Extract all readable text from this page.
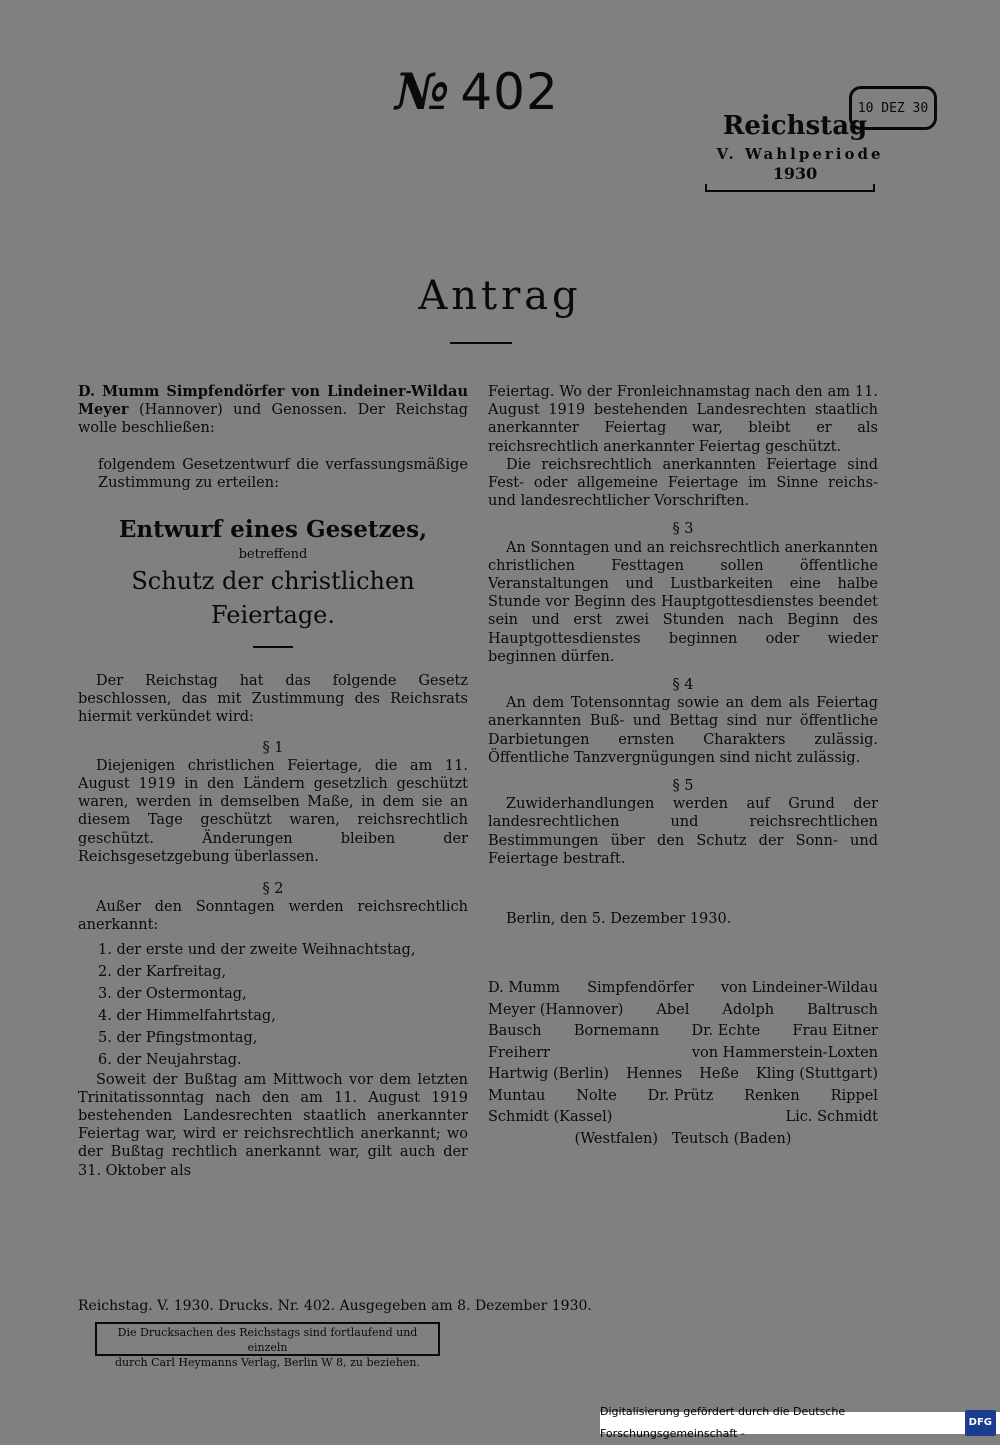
№ 402	10 DEZ 30
Reichstag
V. Wahlperiode
1930
Antrag

D. Mumm Simpfendörfer von Lindeiner-Wildau Meyer (Hannover) und Genossen. Der Reichstag wolle beschließen:

folgendem Gesetzentwurf die verfassungsmäßige Zustimmung zu erteilen:

Entwurf eines Gesetzes,

betreffend

Schutz der christlichen Feiertage.

Der Reichstag hat das folgende Gesetz beschlossen, das mit Zustimmung des Reichsrats hiermit verkündet wird:

§ 1

Diejenigen christlichen Feiertage, die am 11. August 1919 in den Ländern gesetzlich geschützt waren, werden in demselben Maße, in dem sie an diesem Tage geschützt waren, reichsrechtlich geschützt. Änderungen bleiben der Reichsgesetzgebung überlassen.

§ 2

Außer den Sonntagen werden reichsrechtlich anerkannt:

1. der erste und der zweite Weihnachtstag,
2. der Karfreitag,
3. der Ostermontag,
4. der Himmelfahrtstag,
5. der Pfingstmontag,
6. der Neujahrstag.

Soweit der Bußtag am Mittwoch vor dem letzten Trinitatissonntag nach den am 11. August 1919 bestehenden Landesrechten staatlich anerkannter Feiertag war, wird er reichsrechtlich anerkannt; wo der Bußtag rechtlich anerkannt war, gilt auch der 31. Oktober als

Feiertag. Wo der Fronleichnamstag nach den am 11. August 1919 bestehenden Landesrechten staatlich anerkannter Feiertag war, bleibt er als reichsrechtlich anerkannter Feiertag geschützt.

Die reichsrechtlich anerkannten Feiertage sind Fest- oder allgemeine Feiertage im Sinne reichs- und landesrechtlicher Vorschriften.

§ 3

An Sonntagen und an reichsrechtlich anerkannten christlichen Festtagen sollen öffentliche Veranstaltungen und Lustbarkeiten eine halbe Stunde vor Beginn des Hauptgottesdienstes beendet sein und erst zwei Stunden nach Beginn des Hauptgottesdienstes beginnen oder wieder beginnen dürfen.

§ 4

An dem Totensonntag sowie an dem als Feiertag anerkannten Buß- und Bettag sind nur öffentliche Darbietungen ernsten Charakters zulässig. Öffentliche Tanzvergnügungen sind nicht zulässig.

§ 5

Zuwiderhandlungen werden auf Grund der landesrechtlichen und reichsrechtlichen Bestimmungen über den Schutz der Sonn- und Feiertage bestraft.

Berlin, den 5. Dezember 1930.

D. Mumm Simpfendörfer von Lindeiner-Wildau
Meyer (Hannover) Abel Adolph Baltrusch
Bausch Bornemann Dr. Echte Frau Eitner
Freiherr	von Hammerstein-Loxten
Hartwig (Berlin) Hennes Heße Kling (Stuttgart)
Muntau Nolte Dr. Prütz Renken Rippel
Schmidt (Kassel)	Lic. Schmidt
(Westfalen) Teutsch (Baden)
Reichstag. V. 1930. Drucks. Nr. 402. Ausgegeben am 8. Dezember 1930.
Die Drucksachen des Reichstags sind fortlaufend und einzeln
durch Carl Heymanns Verlag, Berlin W 8, zu beziehen.
Digitalisierung gefördert durch die Deutsche Forschungsgemeinschaft -
DFG
